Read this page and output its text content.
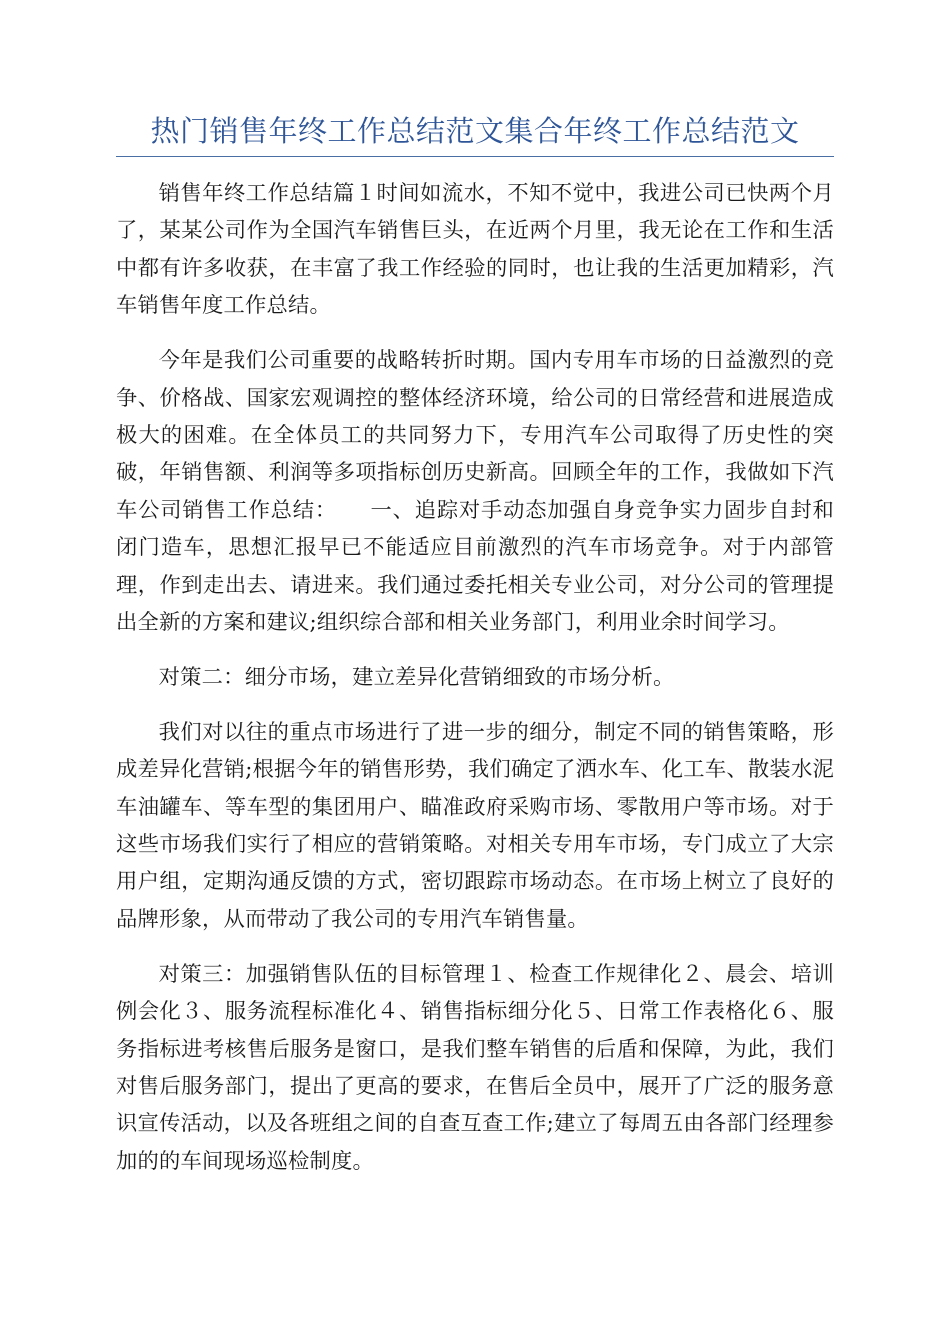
热门销售年终工作总结范文集合年终工作总结范文

销售年终工作总结篇１时间如流水，不知不觉中，我进公司已快两个月了，某某公司作为全国汽车销售巨头，在近两个月里，我无论在工作和生活中都有许多收获，在丰富了我工作经验的同时，也让我的生活更加精彩，汽车销售年度工作总结。

今年是我们公司重要的战略转折时期。国内专用车市场的日益激烈的竞争、价格战、国家宏观调控的整体经济环境，给公司的日常经营和进展造成极大的困难。在全体员工的共同努力下，专用汽车公司取得了历史性的突破，年销售额、利润等多项指标创历史新高。回顾全年的工作，我做如下汽车公司销售工作总结：　　一、追踪对手动态加强自身竞争实力固步自封和闭门造车，思想汇报早已不能适应目前激烈的汽车市场竞争。对于内部管理，作到走出去、请进来。我们通过委托相关专业公司，对分公司的管理提出全新的方案和建议;组织综合部和相关业务部门，利用业余时间学习。

对策二：细分市场，建立差异化营销细致的市场分析。

我们对以往的重点市场进行了进一步的细分，制定不同的销售策略，形成差异化营销;根据今年的销售形势，我们确定了洒水车、化工车、散装水泥车油罐车、等车型的集团用户、瞄准政府采购市场、零散用户等市场。对于这些市场我们实行了相应的营销策略。对相关专用车市场，专门成立了大宗用户组，定期沟通反馈的方式，密切跟踪市场动态。在市场上树立了良好的品牌形象，从而带动了我公司的专用汽车销售量。

对策三：加强销售队伍的目标管理１、检查工作规律化２、晨会、培训例会化３、服务流程标准化４、销售指标细分化５、日常工作表格化６、服务指标进考核售后服务是窗口，是我们整车销售的后盾和保障，为此，我们对售后服务部门，提出了更高的要求，在售后全员中，展开了广泛的服务意识宣传活动，以及各班组之间的自查互查工作;建立了每周五由各部门经理参加的的车间现场巡检制度。
